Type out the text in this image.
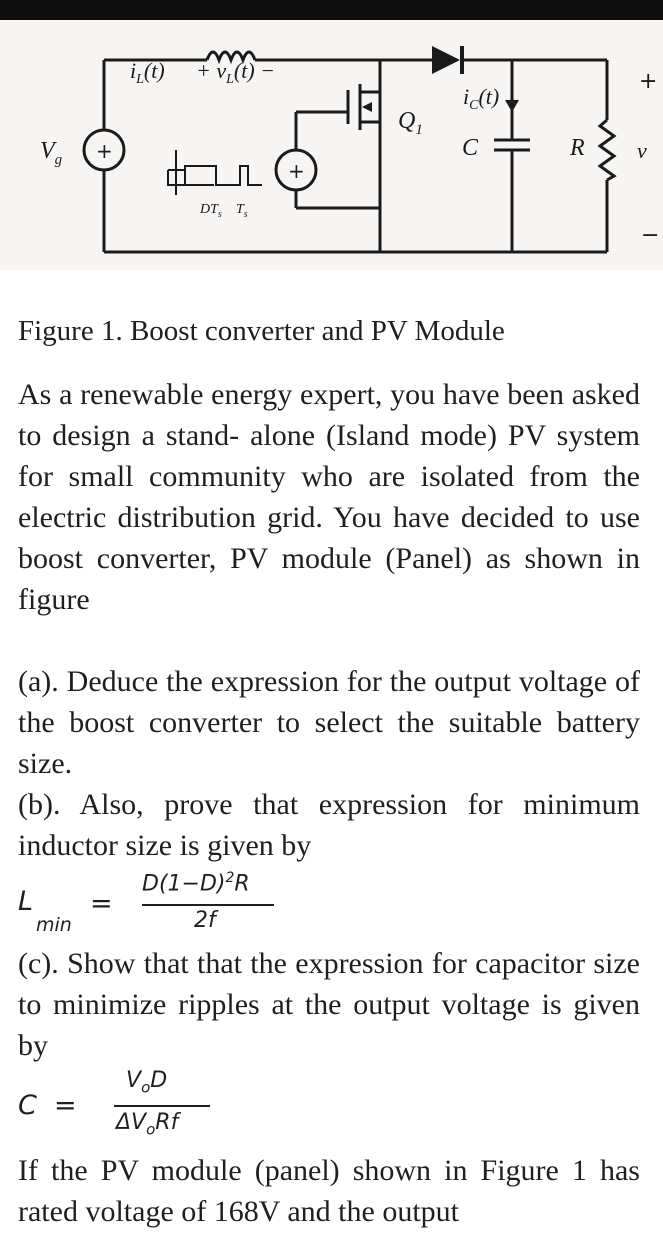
+
+
$i_L(t) + v_L(t)$ −
$V_g$
$Q_1$
$i_C(t)$
C	R v
$DT_s$ $T_s$
+
−
Figure 1. Boost converter and PV Module
As a renewable energy expert, you have been asked to design a stand- alone (Island mode) PV system for small community who are isolated from the electric distribution grid. You have decided to use boost converter, PV module (Panel) as shown in figure
(a). Deduce the expression for the output voltage of the boost converter to select the suitable battery size.
(b). Also, prove that expression for minimum inductor size is given by
L
min
=
$D(1-D)^2R$
2f
(c). Show that that the expression for capacitor size to minimize ripples at the output voltage is given by
C =
$V_oD$
$\Delta V_oRf$
If the PV module (panel) shown in Figure 1 has rated voltage of 168V and the output
